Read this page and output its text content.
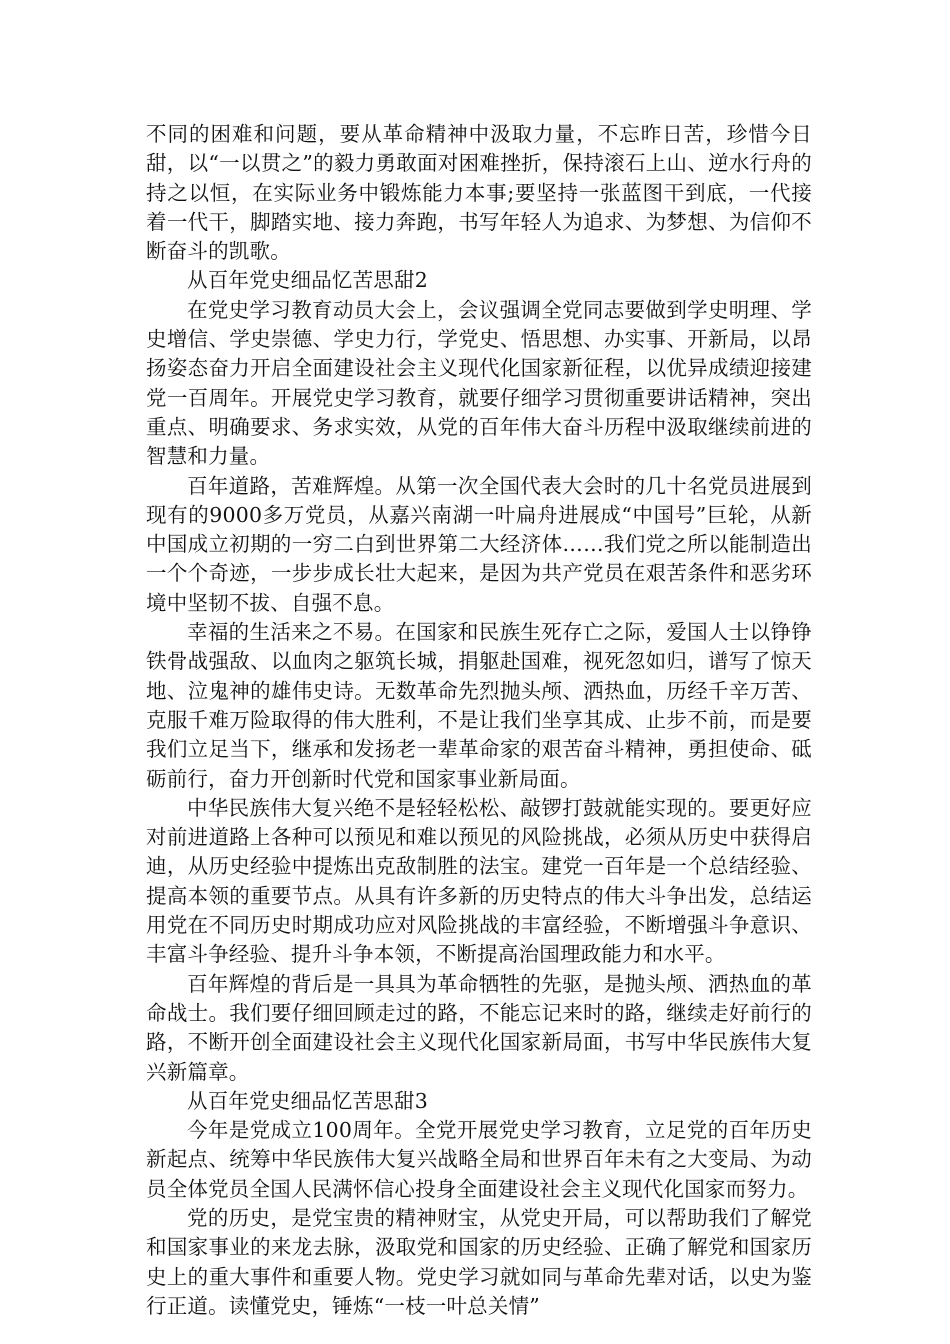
不同的困难和问题，要从革命精神中汲取力量，不忘昨日苦，珍惜今日甜，以“一以贯之”的毅力勇敢面对困难挫折，保持滚石上山、逆水行舟的持之以恒，在实际业务中锻炼能力本事;要坚持一张蓝图干到底，一代接着一代干，脚踏实地、接力奔跑，书写年轻人为追求、为梦想、为信仰不断奋斗的凯歌。

从百年党史细品忆苦思甜2

在党史学习教育动员大会上，会议强调全党同志要做到学史明理、学史增信、学史崇德、学史力行，学党史、悟思想、办实事、开新局，以昂扬姿态奋力开启全面建设社会主义现代化国家新征程，以优异成绩迎接建党一百周年。开展党史学习教育，就要仔细学习贯彻重要讲话精神，突出重点、明确要求、务求实效，从党的百年伟大奋斗历程中汲取继续前进的智慧和力量。

百年道路，苦难辉煌。从第一次全国代表大会时的几十名党员进展到现有的9000多万党员，从嘉兴南湖一叶扁舟进展成“中国号”巨轮，从新中国成立初期的一穷二白到世界第二大经济体……我们党之所以能制造出一个个奇迹，一步步成长壮大起来，是因为共产党员在艰苦条件和恶劣环境中坚韧不拔、自强不息。

幸福的生活来之不易。在国家和民族生死存亡之际，爱国人士以铮铮铁骨战强敌、以血肉之躯筑长城，捐躯赴国难，视死忽如归，谱写了惊天地、泣鬼神的雄伟史诗。无数革命先烈抛头颅、洒热血，历经千辛万苦、克服千难万险取得的伟大胜利，不是让我们坐享其成、止步不前，而是要我们立足当下，继承和发扬老一辈革命家的艰苦奋斗精神，勇担使命、砥砺前行，奋力开创新时代党和国家事业新局面。

中华民族伟大复兴绝不是轻轻松松、敲锣打鼓就能实现的。要更好应对前进道路上各种可以预见和难以预见的风险挑战，必须从历史中获得启迪，从历史经验中提炼出克敌制胜的法宝。建党一百年是一个总结经验、提高本领的重要节点。从具有许多新的历史特点的伟大斗争出发，总结运用党在不同历史时期成功应对风险挑战的丰富经验，不断增强斗争意识、丰富斗争经验、提升斗争本领，不断提高治国理政能力和水平。

百年辉煌的背后是一具具为革命牺牲的先驱，是抛头颅、洒热血的革命战士。我们要仔细回顾走过的路，不能忘记来时的路，继续走好前行的路，不断开创全面建设社会主义现代化国家新局面，书写中华民族伟大复兴新篇章。

从百年党史细品忆苦思甜3

今年是党成立100周年。全党开展党史学习教育，立足党的百年历史新起点、统筹中华民族伟大复兴战略全局和世界百年未有之大变局、为动员全体党员全国人民满怀信心投身全面建设社会主义现代化国家而努力。

党的历史，是党宝贵的精神财宝，从党史开局，可以帮助我们了解党和国家事业的来龙去脉，汲取党和国家的历史经验、正确了解党和国家历史上的重大事件和重要人物。党史学习就如同与革命先辈对话，以史为鉴行正道。读懂党史，锤炼“一枝一叶总关情”
